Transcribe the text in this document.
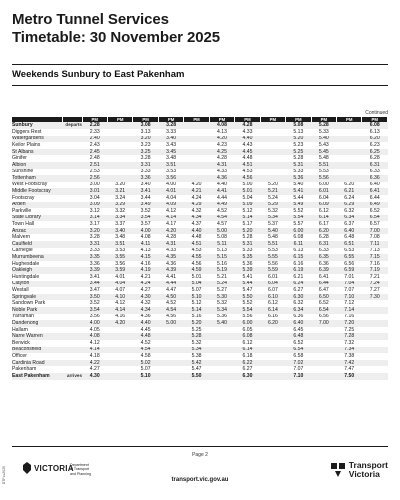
Metro Tunnel Services
Timetable: 30 November 2025
Weekends Sunbury to East Pakenham
Continued
		PM	PM	PM	PM	PM	PM	PM	PM	PM	PM	PM	PM
Sunbury	departs	2.28		3.08	3.28		4.08	4.28		5.08	5.28		6.08
Diggers Rest		2.33		3.13	3.33		4.13	4.33		5.13	5.33		6.13
Watergardens		2.40		3.20	3.40		4.20	4.40		5.20	5.40		6.20
Keilor Plains		2.43		3.23	3.43		4.23	4.43		5.23	5.43		6.23
St Albans		2.45		3.25	3.45		4.25	4.45		5.25	5.45		6.25
Ginifer		2.48		3.28	3.48		4.28	4.48		5.28	5.48		6.28
Albion		2.51		3.31	3.51		4.31	4.51		5.31	5.51		6.31
Sunshine		2.53		3.33	3.53		4.33	4.53		5.33	5.53		6.33
Tottenham		2.56		3.36	3.56		4.36	4.56		5.36	5.56		6.36
West Footscray		3.00	3.20	3.40	4.00	4.20	4.40	5.00	5.20	5.40	6.00	6.20	6.40
Middle Footscray		3.01	3.21	3.41	4.01	4.21	4.41	5.01	5.21	5.41	6.01	6.21	6.41
Footscray		3.04	3.24	3.44	4.04	4.24	4.44	5.04	5.24	5.44	6.04	6.24	6.44
Arden		3.09	3.29	3.49	4.09	4.29	4.49	5.09	5.29	5.49	6.09	6.29	6.49
Parkville		3.12	3.32	3.52	4.12	4.32	4.52	5.12	5.32	5.52	6.12	6.32	6.52
State Library		3.14	3.34	3.54	4.14	4.34	4.54	5.14	5.34	5.54	6.14	6.34	6.54
Town Hall		3.17	3.37	3.57	4.17	4.37	4.57	5.17	5.37	5.57	6.17	6.37	6.57
Anzac		3.20	3.40	4.00	4.20	4.40	5.00	5.20	5.40	6.00	6.20	6.40	7.00
Malvern		3.28	3.48	4.08	4.28	4.48	5.08	5.28	5.48	6.08	6.28	6.48	7.08
Caulfield		3.31	3.51	4.11	4.31	4.51	5.11	5.31	5.51	6.11	6.31	6.51	7.11
Carnegie		3.33	3.53	4.13	4.33	4.53	5.13	5.33	5.53	6.13	6.33	6.53	7.13
Murrumbeena		3.35	3.55	4.15	4.35	4.55	5.15	5.35	5.55	6.15	6.35	6.55	7.15
Hughesdale		3.36	3.56	4.16	4.36	4.56	5.16	5.36	5.56	6.16	6.36	6.56	7.16
Oakleigh		3.39	3.59	4.19	4.39	4.59	5.19	5.39	5.59	6.19	6.39	6.59	7.19
Huntingdale		3.41	4.01	4.21	4.41	5.01	5.21	5.41	6.01	6.21	6.41	7.01	7.21
Clayton		3.44	4.04	4.24	4.44	5.04	5.24	5.44	6.04	6.24	6.44	7.04	7.24
Westall		3.47	4.07	4.27	4.47	5.07	5.27	5.47	6.07	6.27	6.47	7.07	7.27
Springvale		3.50	4.10	4.30	4.50	5.10	5.30	5.50	6.10	6.30	6.50	7.10	7.30
Sandown Park		3.52	4.12	4.32	4.52	5.12	5.32	5.52	6.12	6.32	6.52	7.12	
Noble Park		3.54	4.14	4.34	4.54	5.14	5.34	5.54	6.14	6.34	6.54	7.14	
Yarraman		3.56	4.16	4.36	4.56	5.16	5.36	5.56	6.16	6.36	6.56	7.16	
Dandenong		4.00	4.20	4.40	5.00	5.20	5.40	6.00	6.20	6.40	7.00	7.20	
Hallam		4.05		4.45		5.25		6.05		6.45		7.25	
Narre Warren		4.08		4.48		5.28		6.08		6.48		7.28	
Berwick		4.12		4.52		5.32		6.12		6.52		7.32	
Beaconsfield		4.14		4.54		5.34		6.14		6.54		7.34	
Officer		4.18		4.58		5.38		6.18		6.58		7.38	
Cardinia Road		4.22		5.02		5.42		6.22		7.02		7.42	
Pakenham		4.27		5.07		5.47		6.27		7.07		7.47	
East Pakenham	arrives	4.30		5.10		5.50		6.30		7.10		7.50	
Page 2
DTPxx2025	VICTORIA
Department
of Transport
and Planning
transport.vic.gov.au
Transport
Victoria
